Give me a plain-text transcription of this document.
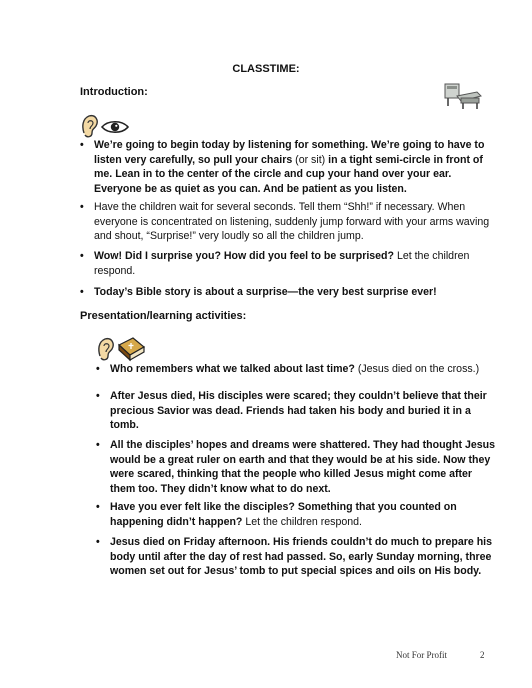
CLASSTIME:
Introduction:
• We’re going to begin today by listening for something. We’re going to have to listen very carefully, so pull your chairs (or sit) in a tight semi-circle in front of me. Lean in to the center of the circle and cup your hand over your ear. Everyone be as quiet as you can. And be patient as you listen.
• Have the children wait for several seconds. Tell them “Shh!” if necessary. When everyone is concentrated on listening, suddenly jump forward with your arms waving and shout, “Surprise!” very loudly so all the children jump.
• Wow! Did I surprise you? How did you feel to be surprised? Let the children respond.
• Today’s Bible story is about a surprise—the very best surprise ever!
Presentation/learning activities:
• Who remembers what we talked about last time? (Jesus died on the cross.)
• After Jesus died, His disciples were scared; they couldn’t believe that their precious Savior was dead. Friends had taken his body and buried it in a tomb.
• All the disciples’ hopes and dreams were shattered. They had thought Jesus would be a great ruler on earth and that they would be at his side. Now they were scared, thinking that the people who killed Jesus might come after them too. They didn’t know what to do next.
• Have you ever felt like the disciples? Something that you counted on happening didn’t happen? Let the children respond.
• Jesus died on Friday afternoon. His friends couldn’t do much to prepare his body until after the day of rest had passed. So, early Sunday morning, three women set out for Jesus’ tomb to put special spices and oils on His body.
Not For Profit	2
